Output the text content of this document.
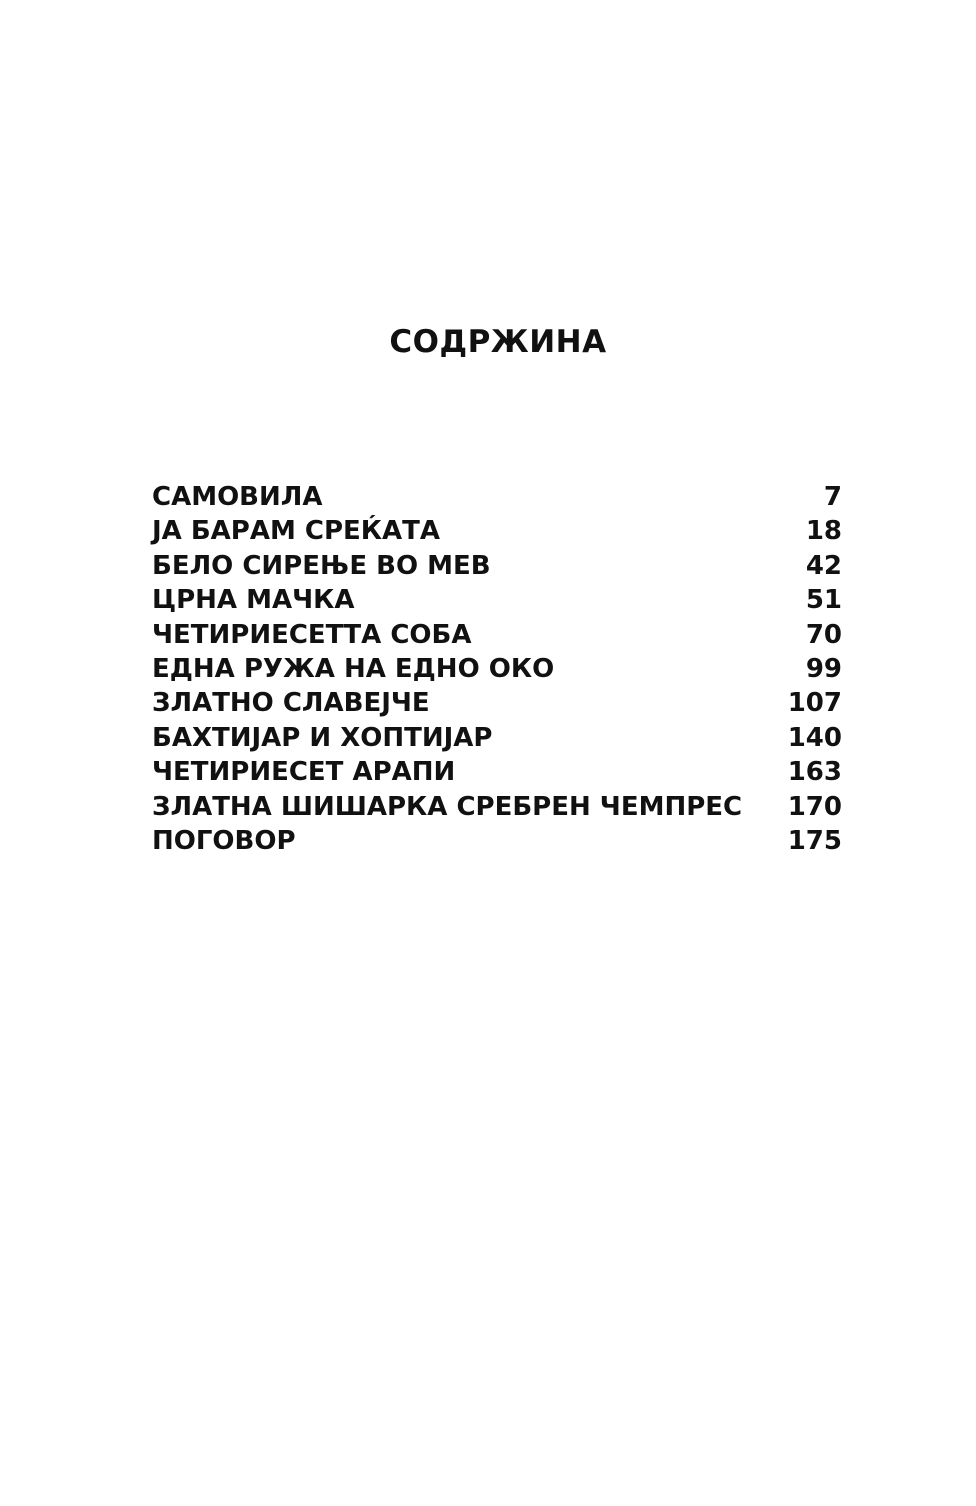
СОДРЖИНА
САМОВИЛА	7
ЈА БАРАМ СРЕЌАТА	18
БЕЛО СИРЕЊЕ ВО МЕВ	42
ЦРНА МАЧКА	51
ЧЕТИРИЕСЕТТА СОБА	70
ЕДНА РУЖА НА ЕДНО ОКО	99
ЗЛАТНО СЛАВЕЈЧЕ	107
БАХТИЈАР И ХОПТИЈАР	140
ЧЕТИРИЕСЕТ АРАПИ	163
ЗЛАТНА ШИШАРКА СРЕБРЕН ЧЕМПРЕС	170
ПОГОВОР	175
